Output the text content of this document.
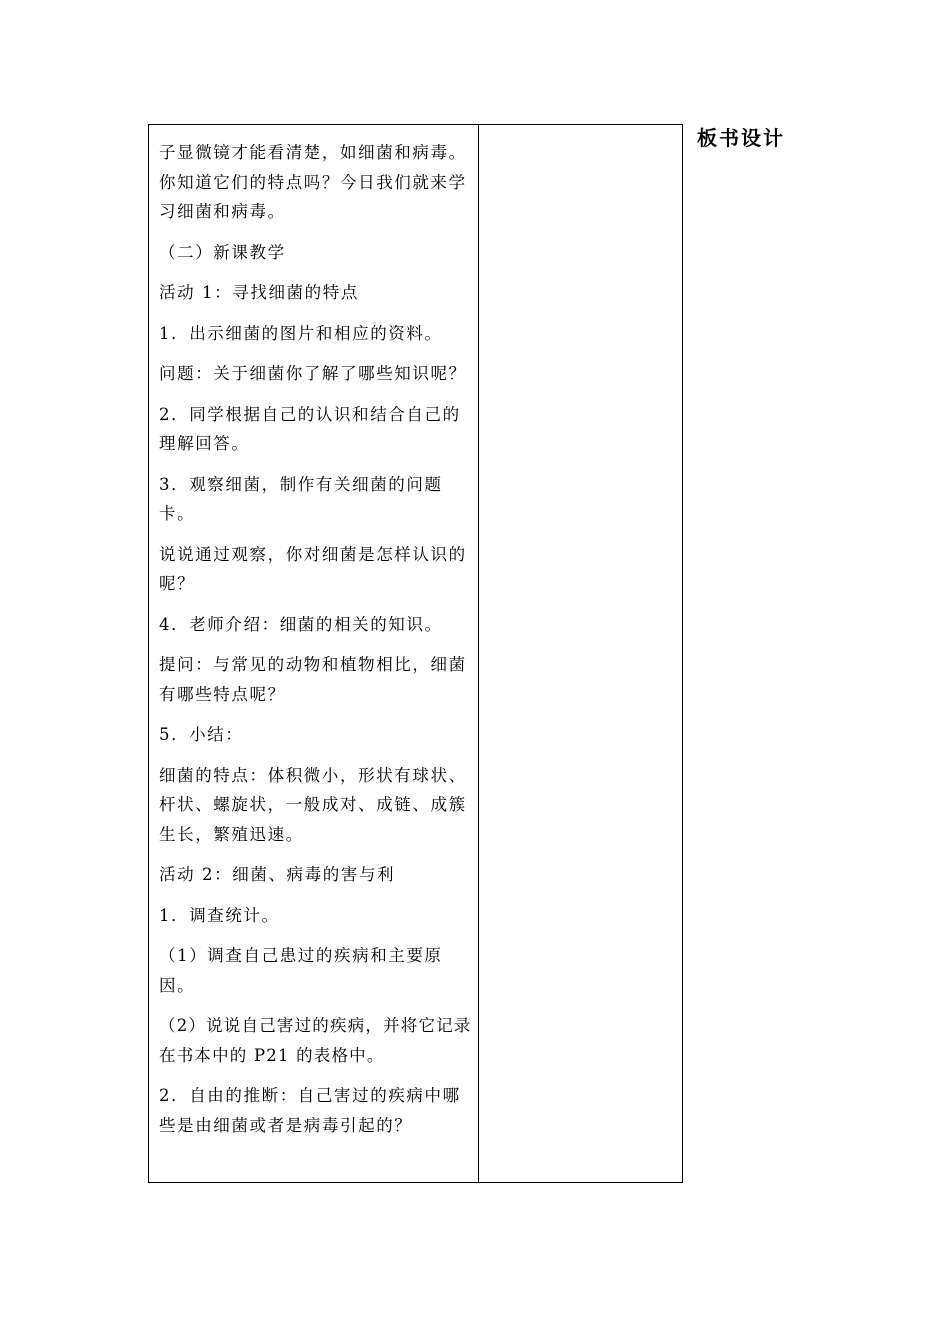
子显微镜才能看清楚，如细菌和病毒。你知道它们的特点吗？今日我们就来学习细菌和病毒。

（二）新课教学

活动 1：寻找细菌的特点

1．出示细菌的图片和相应的资料。

问题：关于细菌你了解了哪些知识呢？

2．同学根据自己的认识和结合自己的理解回答。

3．观察细菌，制作有关细菌的问题卡。

说说通过观察，你对细菌是怎样认识的呢？

4．老师介绍：细菌的相关的知识。

提问：与常见的动物和植物相比，细菌有哪些特点呢？

5．小结：

细菌的特点：体积微小，形状有球状、杆状、螺旋状，一般成对、成链、成簇生长，繁殖迅速。

活动 2：细菌、病毒的害与利

1．调查统计。

（1）调查自己患过的疾病和主要原因。

（2）说说自己害过的疾病，并将它记录在书本中的 P21 的表格中。

2．自由的推断：自己害过的疾病中哪些是由细菌或者是病毒引起的？

板书设计
